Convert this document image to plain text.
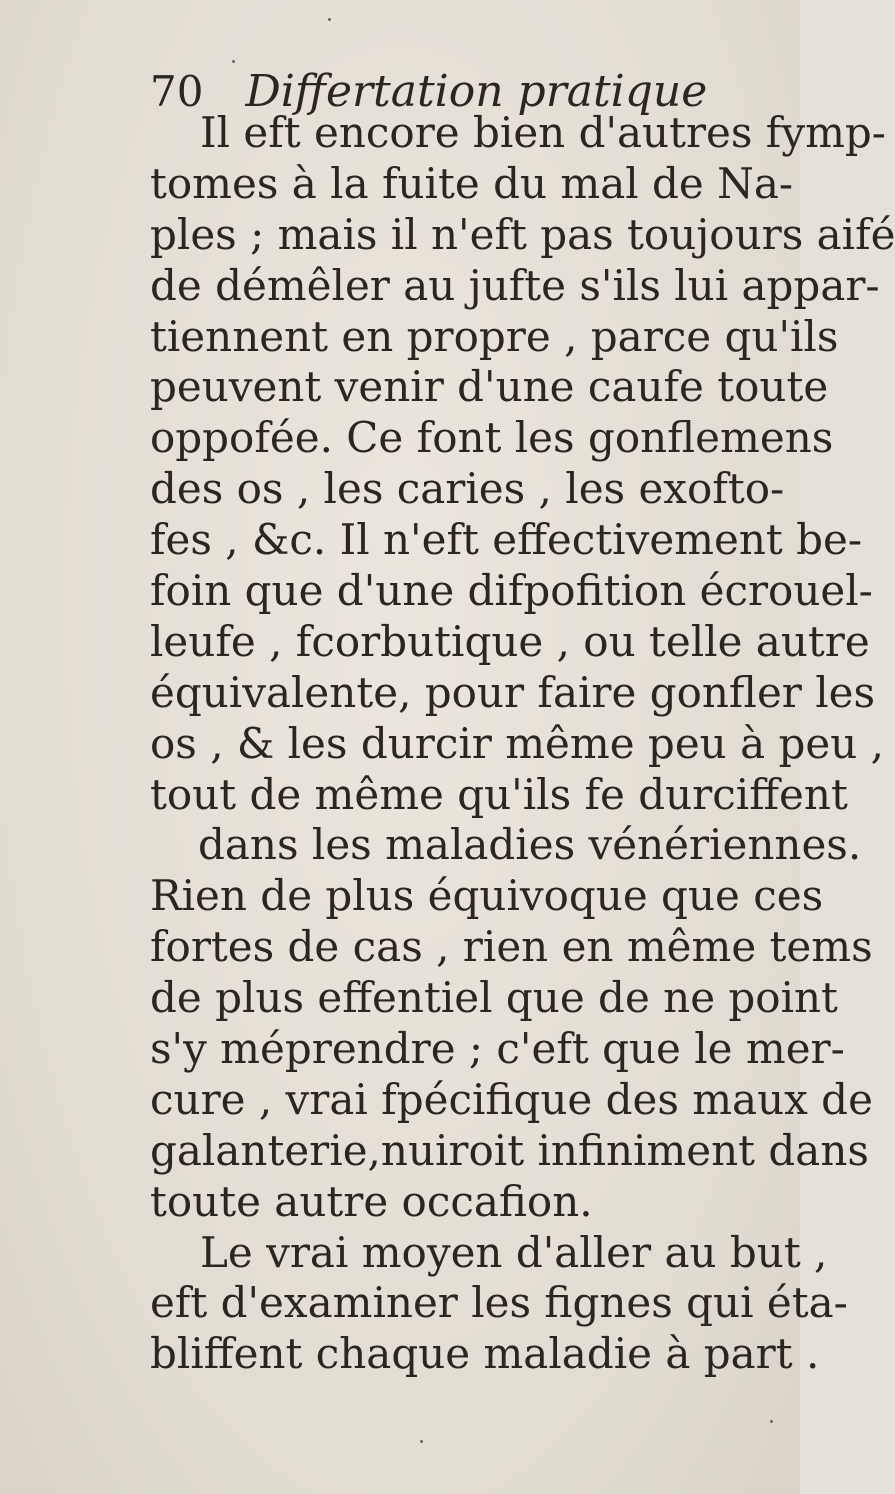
70 Differtation pratique
Il eft encore bien d'autres fymp-
tomes à la fuite du mal de Na-
ples ; mais il n'eft pas toujours aifé
de démêler au jufte s'ils lui appar-
tiennent en propre , parce qu'ils
peuvent venir d'une caufe toute
oppofée. Ce font les gonflemens
des os , les caries , les exofto-
fes , &c. Il n'eft effectivement be-
foin que d'une difpofition écrouel-
leufe , fcorbutique , ou telle autre
équivalente, pour faire gonfler les
os , & les durcir même peu à peu ,
tout de même qu'ils fe durciffent
dans les maladies vénériennes.
Rien de plus équivoque que ces
fortes de cas , rien en même tems
de plus effentiel que de ne point
s'y méprendre ; c'eft que le mer-
cure , vrai fpécifique des maux de
galanterie,nuiroit infiniment dans
toute autre occafion.
Le vrai moyen d'aller au but ,
eft d'examiner les fignes qui éta-
bliffent chaque maladie à part .
